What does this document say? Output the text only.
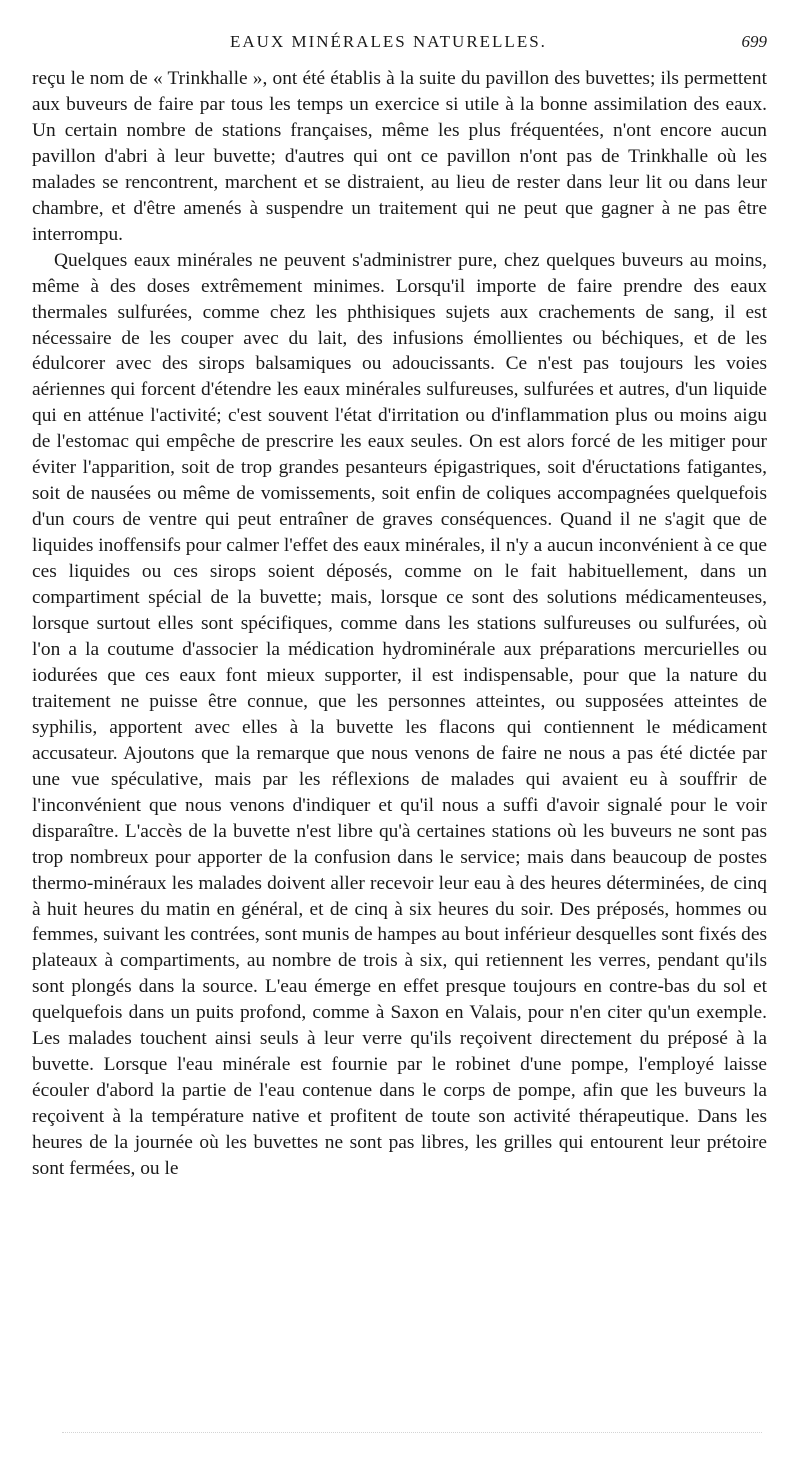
EAUX MINÉRALES NATURELLES.	699

reçu le nom de « Trinkhalle », ont été établis à la suite du pavillon des buvettes; ils permettent aux buveurs de faire par tous les temps un exercice si utile à la bonne assimilation des eaux. Un certain nombre de stations françaises, même les plus fréquentées, n'ont encore aucun pavillon d'abri à leur buvette; d'autres qui ont ce pavillon n'ont pas de Trinkhalle où les malades se rencontrent, marchent et se distraient, au lieu de rester dans leur lit ou dans leur chambre, et d'être amenés à suspendre un traitement qui ne peut que gagner à ne pas être interrompu.

Quelques eaux minérales ne peuvent s'administrer pure, chez quelques buveurs au moins, même à des doses extrêmement minimes. Lorsqu'il importe de faire prendre des eaux thermales sulfurées, comme chez les phthisiques sujets aux crachements de sang, il est nécessaire de les couper avec du lait, des infusions émollientes ou béchiques, et de les édulcorer avec des sirops balsamiques ou adoucissants. Ce n'est pas toujours les voies aériennes qui forcent d'étendre les eaux minérales sulfureuses, sulfurées et autres, d'un liquide qui en atténue l'activité; c'est souvent l'état d'irritation ou d'inflammation plus ou moins aigu de l'estomac qui empêche de prescrire les eaux seules. On est alors forcé de les mitiger pour éviter l'apparition, soit de trop grandes pesanteurs épigastriques, soit d'éructations fatigantes, soit de nausées ou même de vomissements, soit enfin de coliques accompagnées quelquefois d'un cours de ventre qui peut entraîner de graves conséquences. Quand il ne s'agit que de liquides inoffensifs pour calmer l'effet des eaux minérales, il n'y a aucun inconvénient à ce que ces liquides ou ces sirops soient déposés, comme on le fait habituellement, dans un compartiment spécial de la buvette; mais, lorsque ce sont des solutions médicamenteuses, lorsque surtout elles sont spécifiques, comme dans les stations sulfureuses ou sulfurées, où l'on a la coutume d'associer la médication hydrominérale aux préparations mercurielles ou iodurées que ces eaux font mieux supporter, il est indispensable, pour que la nature du traitement ne puisse être connue, que les personnes atteintes, ou supposées atteintes de syphilis, apportent avec elles à la buvette les flacons qui contiennent le médicament accusateur. Ajoutons que la remarque que nous venons de faire ne nous a pas été dictée par une vue spéculative, mais par les réflexions de malades qui avaient eu à souffrir de l'inconvénient que nous venons d'indiquer et qu'il nous a suffi d'avoir signalé pour le voir disparaître. L'accès de la buvette n'est libre qu'à certaines stations où les buveurs ne sont pas trop nombreux pour apporter de la confusion dans le service; mais dans beaucoup de postes thermo-minéraux les malades doivent aller recevoir leur eau à des heures déterminées, de cinq à huit heures du matin en général, et de cinq à six heures du soir. Des préposés, hommes ou femmes, suivant les contrées, sont munis de hampes au bout inférieur desquelles sont fixés des plateaux à compartiments, au nombre de trois à six, qui retiennent les verres, pendant qu'ils sont plongés dans la source. L'eau émerge en effet presque toujours en contre-bas du sol et quelquefois dans un puits profond, comme à Saxon en Valais, pour n'en citer qu'un exemple. Les malades touchent ainsi seuls à leur verre qu'ils reçoivent directement du préposé à la buvette. Lorsque l'eau minérale est fournie par le robinet d'une pompe, l'employé laisse écouler d'abord la partie de l'eau contenue dans le corps de pompe, afin que les buveurs la reçoivent à la température native et profitent de toute son activité thérapeutique. Dans les heures de la journée où les buvettes ne sont pas libres, les grilles qui entourent leur prétoire sont fermées, ou le
